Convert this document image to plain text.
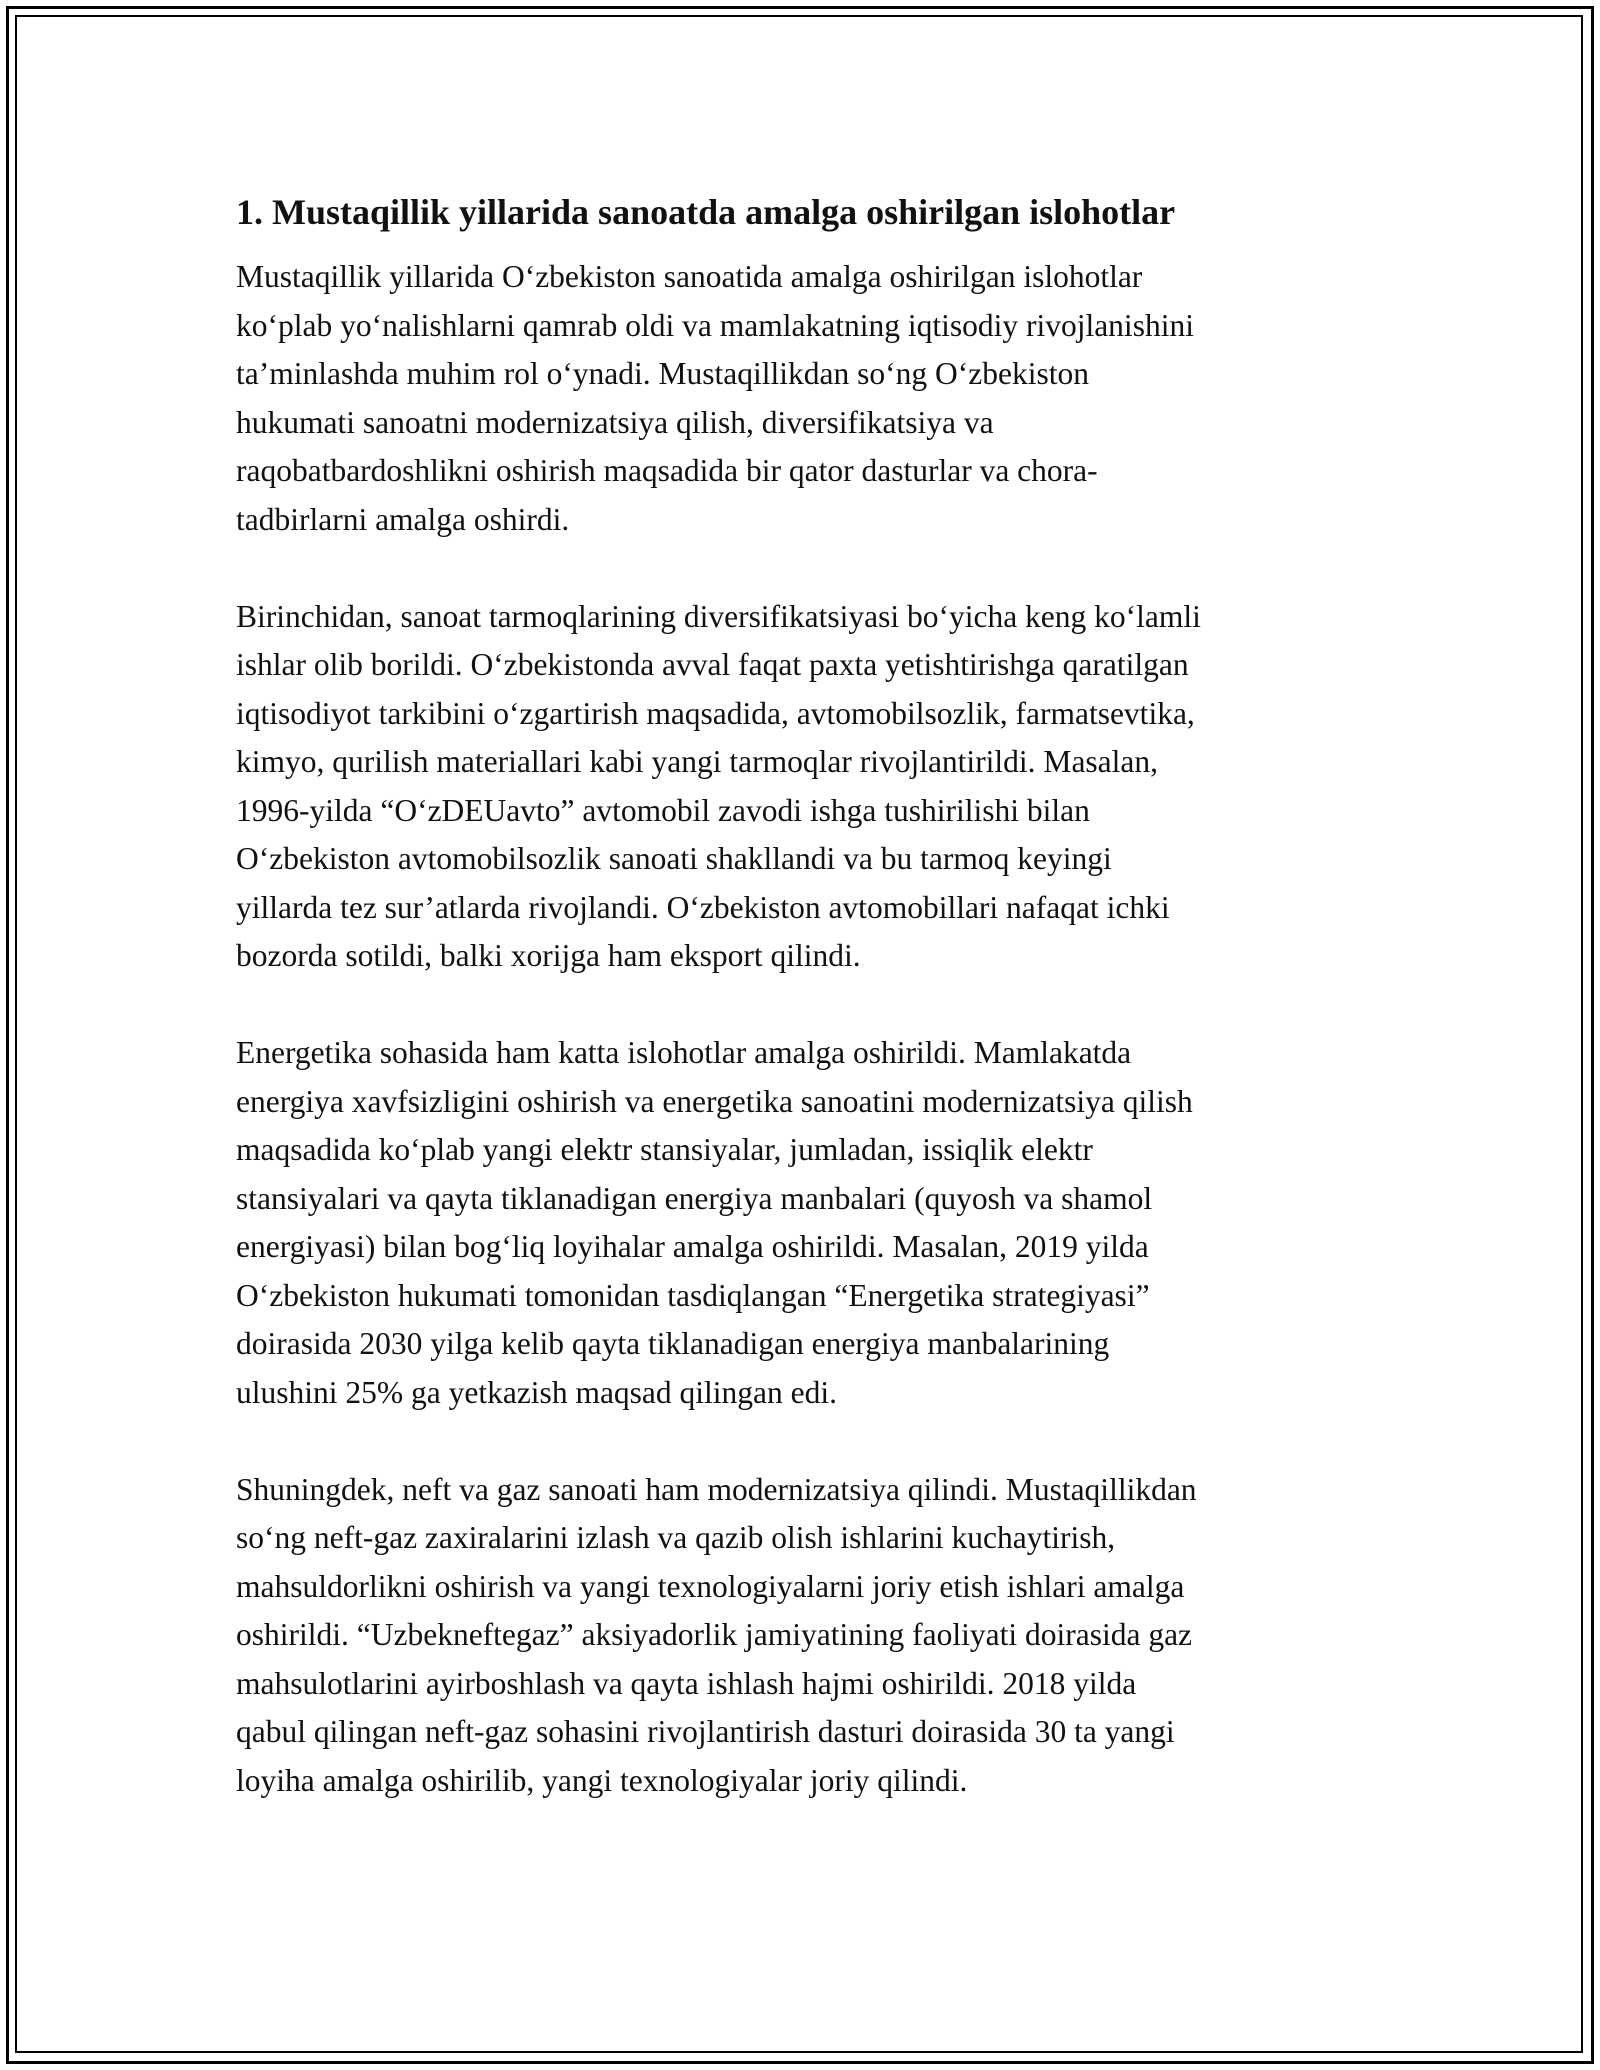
1. Mustaqillik yillarida sanoatda amalga oshirilgan islohotlar
Mustaqillik yillarida O‘zbekiston sanoatida amalga oshirilgan islohotlar
ko‘plab yo‘nalishlarni qamrab oldi va mamlakatning iqtisodiy rivojlanishini
ta’minlashda muhim rol o‘ynadi. Mustaqillikdan so‘ng O‘zbekiston
hukumati sanoatni modernizatsiya qilish, diversifikatsiya va
raqobatbardoshlikni oshirish maqsadida bir qator dasturlar va chora-
tadbirlarni amalga oshirdi.
Birinchidan, sanoat tarmoqlarining diversifikatsiyasi bo‘yicha keng ko‘lamli
ishlar olib borildi. O‘zbekistonda avval faqat paxta yetishtirishga qaratilgan
iqtisodiyot tarkibini o‘zgartirish maqsadida, avtomobilsozlik, farmatsevtika,
kimyo, qurilish materiallari kabi yangi tarmoqlar rivojlantirildi. Masalan,
1996-yilda “O‘zDEUavto” avtomobil zavodi ishga tushirilishi bilan
O‘zbekiston avtomobilsozlik sanoati shakllandi va bu tarmoq keyingi
yillarda tez sur’atlarda rivojlandi. O‘zbekiston avtomobillari nafaqat ichki
bozorda sotildi, balki xorijga ham eksport qilindi.
Energetika sohasida ham katta islohotlar amalga oshirildi. Mamlakatda
energiya xavfsizligini oshirish va energetika sanoatini modernizatsiya qilish
maqsadida ko‘plab yangi elektr stansiyalar, jumladan, issiqlik elektr
stansiyalari va qayta tiklanadigan energiya manbalari (quyosh va shamol
energiyasi) bilan bog‘liq loyihalar amalga oshirildi. Masalan, 2019 yilda
O‘zbekiston hukumati tomonidan tasdiqlangan “Energetika strategiyasi”
doirasida 2030 yilga kelib qayta tiklanadigan energiya manbalarining
ulushini 25% ga yetkazish maqsad qilingan edi.
Shuningdek, neft va gaz sanoati ham modernizatsiya qilindi. Mustaqillikdan
so‘ng neft-gaz zaxiralarini izlash va qazib olish ishlarini kuchaytirish,
mahsuldorlikni oshirish va yangi texnologiyalarni joriy etish ishlari amalga
oshirildi. “Uzbekneftegaz” aksiyadorlik jamiyatining faoliyati doirasida gaz
mahsulotlarini ayirboshlash va qayta ishlash hajmi oshirildi. 2018 yilda
qabul qilingan neft-gaz sohasini rivojlantirish dasturi doirasida 30 ta yangi
loyiha amalga oshirilib, yangi texnologiyalar joriy qilindi.
